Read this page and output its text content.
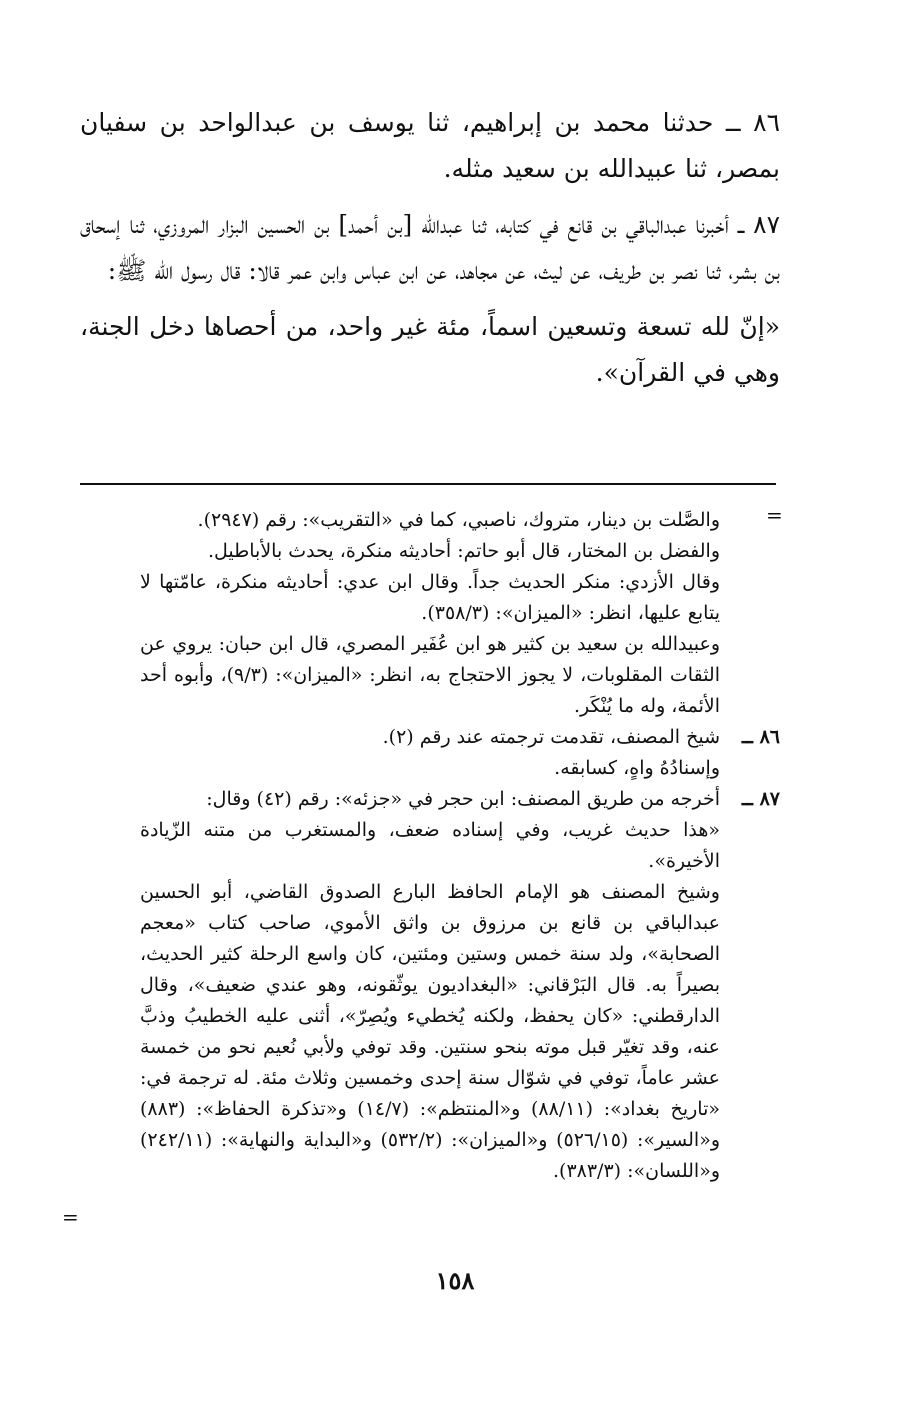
٨٦ ــ حدثنا محمد بن إبراهيم، ثنا يوسف بن عبدالواحد بن سفيان بمصر، ثنا عبيدالله بن سعيد مثله.

٨٧ ــ أخبرنا عبدالباقي بن قانع في كتابه، ثنا عبدالله [بن أحمد] بن الحسين البزار المروزي، ثنا إسحاق بن بشر، ثنا نصر بن طريف، عن ليث، عن مجاهد، عن ابن عباس وابن عمر قالا: قال رسول الله ﷺ:

«إنّ لله تسعة وتسعين اسماً، مئة غير واحد، من أحصاها دخل الجنة، وهي في القرآن».

=

والصَّلت بن دينار، متروك، ناصبي، كما في «التقريب»: رقم (٢٩٤٧).

والفضل بن المختار، قال أبو حاتم: أحاديثه منكرة، يحدث بالأباطيل.

وقال الأزدي: منكر الحديث جداً. وقال ابن عدي: أحاديثه منكرة، عامّتها لا يتابع عليها، انظر: «الميزان»: (٣٥٨/٣).

وعبيدالله بن سعيد بن كثير هو ابن عُفَير المصري، قال ابن حبان: يروي عن الثقات المقلوبات، لا يجوز الاحتجاج به، انظر: «الميزان»: (٩/٣)، وأبوه أحد الأئمة، وله ما يُنْكَر.

٨٦ ــ

شيخ المصنف، تقدمت ترجمته عند رقم (٢).

وإسنادُهُ واهٍ، كسابقه.

٨٧ ــ

أخرجه من طريق المصنف: ابن حجر في «جزئه»: رقم (٤٢) وقال:

«هذا حديث غريب، وفي إسناده ضعف، والمستغرب من متنه الزّيادة الأخيرة».

وشيخ المصنف هو الإمام الحافظ البارع الصدوق القاضي، أبو الحسين عبدالباقي بن قانع بن مرزوق بن واثق الأموي، صاحب كتاب «معجم الصحابة»، ولد سنة خمس وستين ومئتين، كان واسع الرحلة كثير الحديث، بصيراً به. قال البَرْقاني: «البغداديون يوثّقونه، وهو عندي ضعيف»، وقال الدارقطني: «كان يحفظ، ولكنه يُخطيء ويُصِرّ»، أثنى عليه الخطيبُ وذبَّ عنه، وقد تغيّر قبل موته بنحو سنتين. وقد توفي ولأبي نُعيم نحو من خمسة عشر عاماً، توفي في شوّال سنة إحدى وخمسين وثلاث مئة. له ترجمة في: «تاريخ بغداد»: (٨٨/١١) و«المنتظم»: (١٤/٧) و«تذكرة الحفاظ»: (٨٨٣) و«السير»: (٥٢٦/١٥) و«الميزان»: (٥٣٢/٢) و«البداية والنهاية»: (٢٤٢/١١) و«اللسان»: (٣٨٣/٣).

=
١٥٨
